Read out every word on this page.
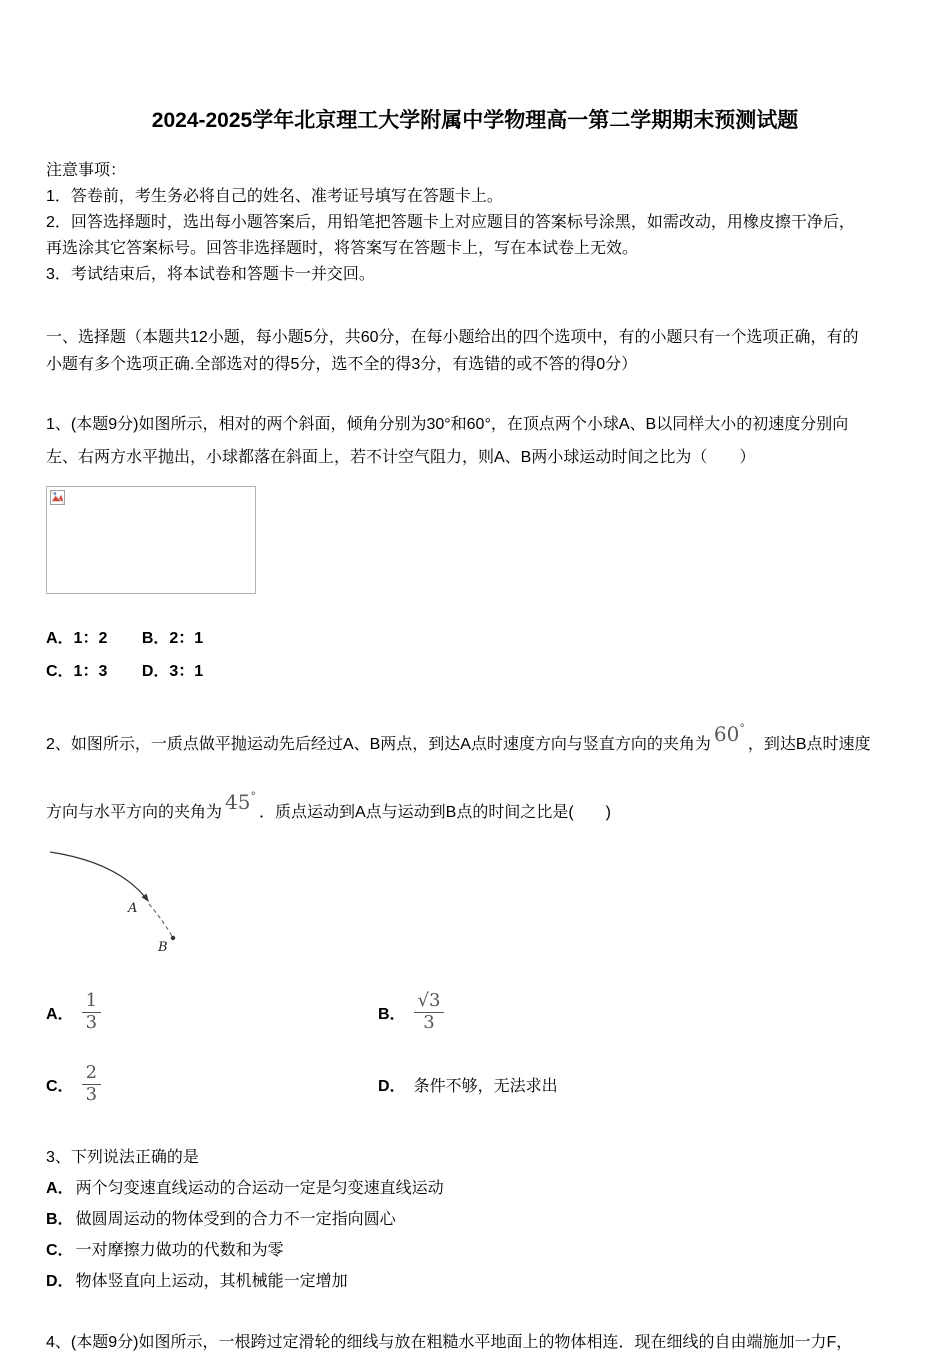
2024-2025学年北京理工大学附属中学物理高一第二学期期末预测试题
注意事项：
1．答卷前，考生务必将自己的姓名、准考证号填写在答题卡上。
2．回答选择题时，选出每小题答案后，用铅笔把答题卡上对应题目的答案标号涂黑，如需改动，用橡皮擦干净后，
再选涂其它答案标号。回答非选择题时，将答案写在答题卡上，写在本试卷上无效。
3．考试结束后，将本试卷和答题卡一并交回。
一、选择题（本题共12小题，每小题5分，共60分，在每小题给出的四个选项中，有的小题只有一个选项正确，有的
小题有多个选项正确.全部选对的得5分，选不全的得3分，有选错的或不答的得0分）
1、(本题9分)如图所示，相对的两个斜面，倾角分别为30°和60°，在顶点两个小球A、B以同样大小的初速度分别向
左、右两方水平抛出，小球都落在斜面上，若不计空气阻力，则A、B两小球运动时间之比为（　　）
A．1：2 B．2：1
C．1：3 D．3：1
2、如图所示，一质点做平抛运动先后经过A、B两点，到达A点时速度方向与竖直方向的夹角为 60°，到达B点时速度
方向与水平方向的夹角为 45°．质点运动到A点与运动到B点的时间之比是(　　)
A
B
A． $\frac{1}{3}$	B． $\frac{√3}{3}$
C． $\frac{2}{3}$	D． 条件不够，无法求出
3、下列说法正确的是
A． 两个匀变速直线运动的合运动一定是匀变速直线运动
B． 做圆周运动的物体受到的合力不一定指向圆心
C． 一对摩擦力做功的代数和为零
D． 物体竖直向上运动，其机械能一定增加
4、(本题9分)如图所示，一根跨过定滑轮的细线与放在粗糙水平地面上的物体相连．现在细线的自由端施加一力F，
